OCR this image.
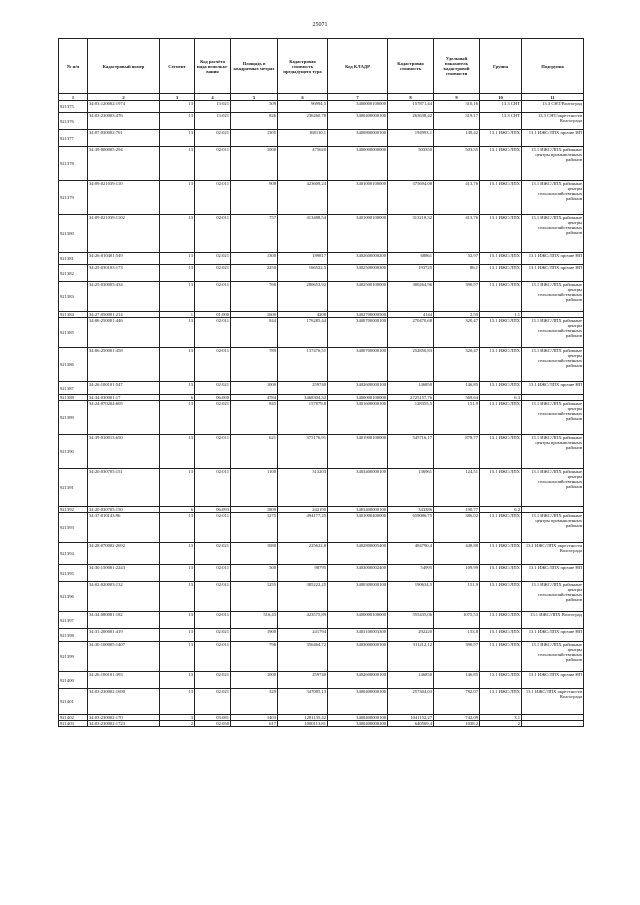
25071
№ п/п	Кадастровый номер	Сегмент	Код расчёта вида использо-вания	Площадь в квадратных метрах	Кадастровая стоимость предыдущего тура	Код КЛАДР	Кадастровая стоимость	Удельный показатель кадастровой стоимости	Группа	Подгруппа
1	2	3	4	5	6	7	8	9	10	11
921375	34:03:120002:1974	13	13:021	509	96994,5	3400000100000	157871,44	310,16	13.3 СНТ	13.3 СНТ/Волгоград
921376	34:03:230003:476	13	13:021	826	236260,78	3400400000100	263638,42	319,17	13.3 СНТ	13.3 СНТ/окрестности Волгограда
921377	34:07:030002:761	13	02:021	1305	168110,1	3400800000100	194993,1	149,42	13.1 ИЖС/ЛПХ	13.1 ИЖС/ЛПХ прочие НП
921378	34:39:000005:294	13	02:011	1000	475620	3400000000000	503350	503,35	13.1 ИЖС/ЛПХ	13.1 ИЖС/ЛПХ районные центры промышленных районов
921379	34:09:021039:110	13	02:011	908	423609,24	3401000100000	375694,08	413,76	13.1 ИЖС/ЛПХ	13.1 ИЖС/ЛПХ районные центры сельскохозяйственных районов
921380	34:09:021039:1102	13	02:011	757	413488,54	3401000100000	313218,32	413,76	13.1 ИЖС/ЛПХ	13.1 ИЖС/ЛПХ районные центры сельскохозяйственных районов
921381	34:26:010401:549	13	02:021	1300	189817	3402600000200	68861	52,97	13.1 ИЖС/ЛПХ	13.1 ИЖС/ЛПХ прочие НП
921382	34:25:030103:173	13	02:021	2250	166522,5	3402500000300	193725	86,1	13.1 ИЖС/ЛПХ	13.1 ИЖС/ЛПХ прочие НП
921383	34:25:030005:434	13	02:011	768	280653,92	3402500100000	300264,96	390,97	13.1 ИЖС/ЛПХ	13.1 ИЖС/ЛПХ районные центры сельскохозяйственных районов
921384	34:27:050001:214	1	01:000	1600	4208	3402700000500	4144	2,59	1.1	
921385	34:06:250001:446	13	02:011	844	176285,44	3400700000100	270470,68	320,47	13.1 ИЖС/ЛПХ	13.1 ИЖС/ЛПХ районные центры сельскохозяйственных районов
921386	34:06:250001:458	13	02:011	789	137476,51	3400700000100	252850,83	320,47	13.1 ИЖС/ЛПХ	13.1 ИЖС/ЛПХ районные центры сельскохозяйственных районов
921387	34:26:100101:547	13	02:021	1000	259740	3402600000100	146850	146,85	13.1 ИЖС/ЛПХ	13.1 ИЖС/ЛПХ прочие НП
921388	34:34:030001:17	6	06:000	4784	3468304,32	3400000100000	2725157,76	569,64	6.3	
921389	34:24:070204:605	13	02:021	845	157879,8	3401600000100	128355,5	151,9	13.1 ИЖС/ЛПХ	13.1 ИЖС/ЛПХ районные центры сельскохозяйственных районов
921390	34:39:010013:650	13	02:011	621	375176,91	3401900100000	545716,17	878,77	13.1 ИЖС/ЛПХ	13.1 ИЖС/ЛПХ районные центры промышленных районов
921391	34:20:030705:151	13	02:011	1100	313203	3403400000100	136961	124,51	13.1 ИЖС/ЛПХ	13.1 ИЖС/ЛПХ районные центры сельскохозяйственных районов
921392	34:20:030705:150	6	06:093	1809	242190	3403400000100	343386	190,77	6.2	
921393	34:37:010143:96	13	02:011	1275	494177,25	3401000400000	659086,75	386,02	13.1 ИЖС/ЛПХ	13.1 ИЖС/ЛПХ районные центры промышленных районов
921394	34:28:070002:2692	13	02:021	1080	225622,8	3402800005400	484790,4	448,88	13.1 ИЖС/ЛПХ	13.1 ИЖС/ЛПХ окрестности Волгограда
921395	34:30:150001:2243	13	02:011	500	98795	3403000002400	54995	109,99	13.1 ИЖС/ЛПХ	13.1 ИЖС/ЛПХ прочие НП
921396	34:02:020003:132	13	02:011	1255	385222,25	3400300000100	190634,5	151,9	13.1 ИЖС/ЛПХ	13.1 ИЖС/ЛПХ районные центры сельскохозяйственных районов
921397	34:34:080081:182	13	02:011	516,43	423575,89	3400000100000	555435,06	1075,53	13.1 ИЖС/ЛПХ	13.1 ИЖС/ЛПХ Волгоград
921398	34:31:200001:419	13	02:021	1900	241794	3403100003300	292220	153,8	13.1 ИЖС/ЛПХ	13.1 ИЖС/ЛПХ прочие НП
921399	34:30:100005:1407	13	02:011	796	356464,72	3403000000100	311212,12	390,97	13.1 ИЖС/ЛПХ	13.1 ИЖС/ЛПХ районные центры сельскохозяйственных районов
921400	34:26:100101:393	13	02:021	1000	259740	3402600000100	146850	146,85	13.1 ИЖС/ЛПХ	13.1 ИЖС/ЛПХ прочие НП
921401	34:03:230002:1690	13	02:021	329	347085,13	3400400000100	257304,03	782,07	13.1 ИЖС/ЛПХ	13.1 ИЖС/ЛПХ окрестности Волгограда
921402	34:03:230002:170	3	03:081	1403	1281135,42	3400400000100	1041152,27	742,09	3.1	
921403	34:03:230002:1723	2	02:050	617	1000113,81	3400400000100	640569,4	1038,2	2	
